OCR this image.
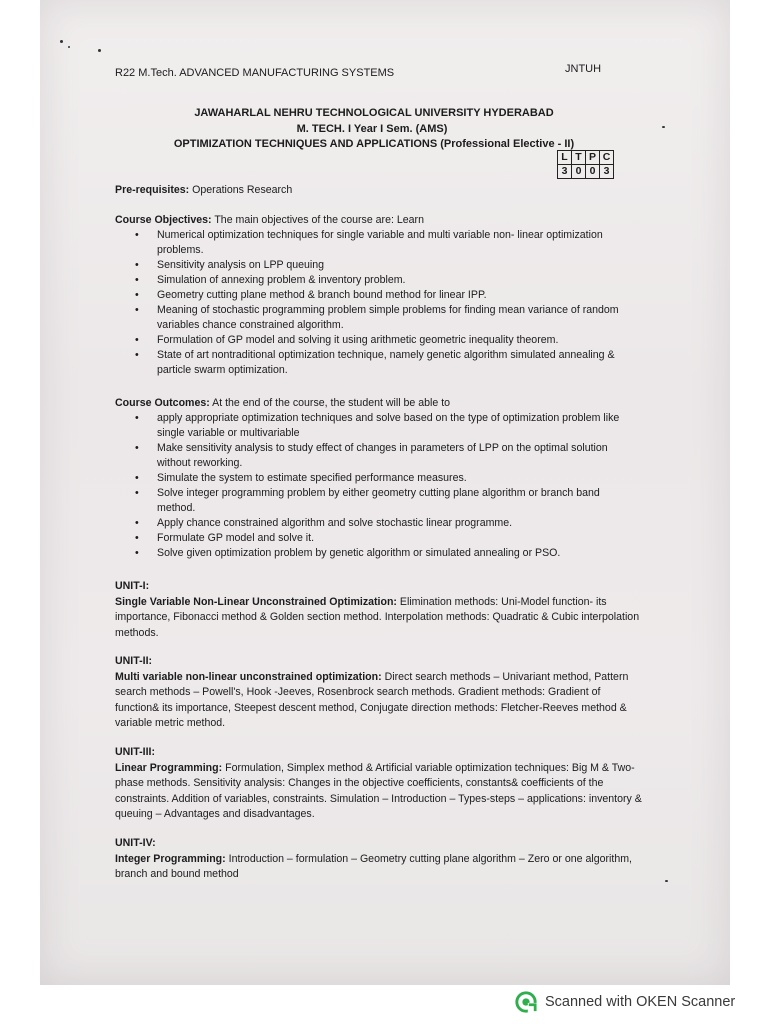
R22 M.Tech. ADVANCED MANUFACTURING SYSTEMS	JNTUH
JAWAHARLAL NEHRU TECHNOLOGICAL UNIVERSITY HYDERABAD
M. TECH. I Year I Sem. (AMS)
OPTIMIZATION TECHNIQUES AND APPLICATIONS (Professional Elective - II)
L	T	P	C
3	0	0	3
Pre-requisites: Operations Research
Course Objectives: The main objectives of the course are: Learn
• Numerical optimization techniques for single variable and multi variable non- linear optimization problems.
• Sensitivity analysis on LPP queuing
• Simulation of annexing problem & inventory problem.
• Geometry cutting plane method & branch bound method for linear IPP.
• Meaning of stochastic programming problem simple problems for finding mean variance of random variables chance constrained algorithm.
• Formulation of GP model and solving it using arithmetic geometric inequality theorem.
• State of art nontraditional optimization technique, namely genetic algorithm simulated annealing & particle swarm optimization.
Course Outcomes: At the end of the course, the student will be able to
• apply appropriate optimization techniques and solve based on the type of optimization problem like single variable or multivariable
• Make sensitivity analysis to study effect of changes in parameters of LPP on the optimal solution without reworking.
• Simulate the system to estimate specified performance measures.
• Solve integer programming problem by either geometry cutting plane algorithm or branch band method.
• Apply chance constrained algorithm and solve stochastic linear programme.
• Formulate GP model and solve it.
• Solve given optimization problem by genetic algorithm or simulated annealing or PSO.
UNIT-I:
Single Variable Non-Linear Unconstrained Optimization: Elimination methods: Uni-Model function- its importance, Fibonacci method & Golden section method. Interpolation methods: Quadratic & Cubic interpolation methods.
UNIT-II:
Multi variable non-linear unconstrained optimization: Direct search methods – Univariant method, Pattern search methods – Powell's, Hook -Jeeves, Rosenbrock search methods. Gradient methods: Gradient of function& its importance, Steepest descent method, Conjugate direction methods: Fletcher-Reeves method & variable metric method.
UNIT-III:
Linear Programming: Formulation, Simplex method & Artificial variable optimization techniques: Big M & Two-phase methods. Sensitivity analysis: Changes in the objective coefficients, constants& coefficients of the constraints. Addition of variables, constraints. Simulation – Introduction – Types-steps – applications: inventory & queuing – Advantages and disadvantages.
UNIT-IV:
Integer Programming: Introduction – formulation – Geometry cutting plane algorithm – Zero or one algorithm, branch and bound method
Scanned with OKEN Scanner
